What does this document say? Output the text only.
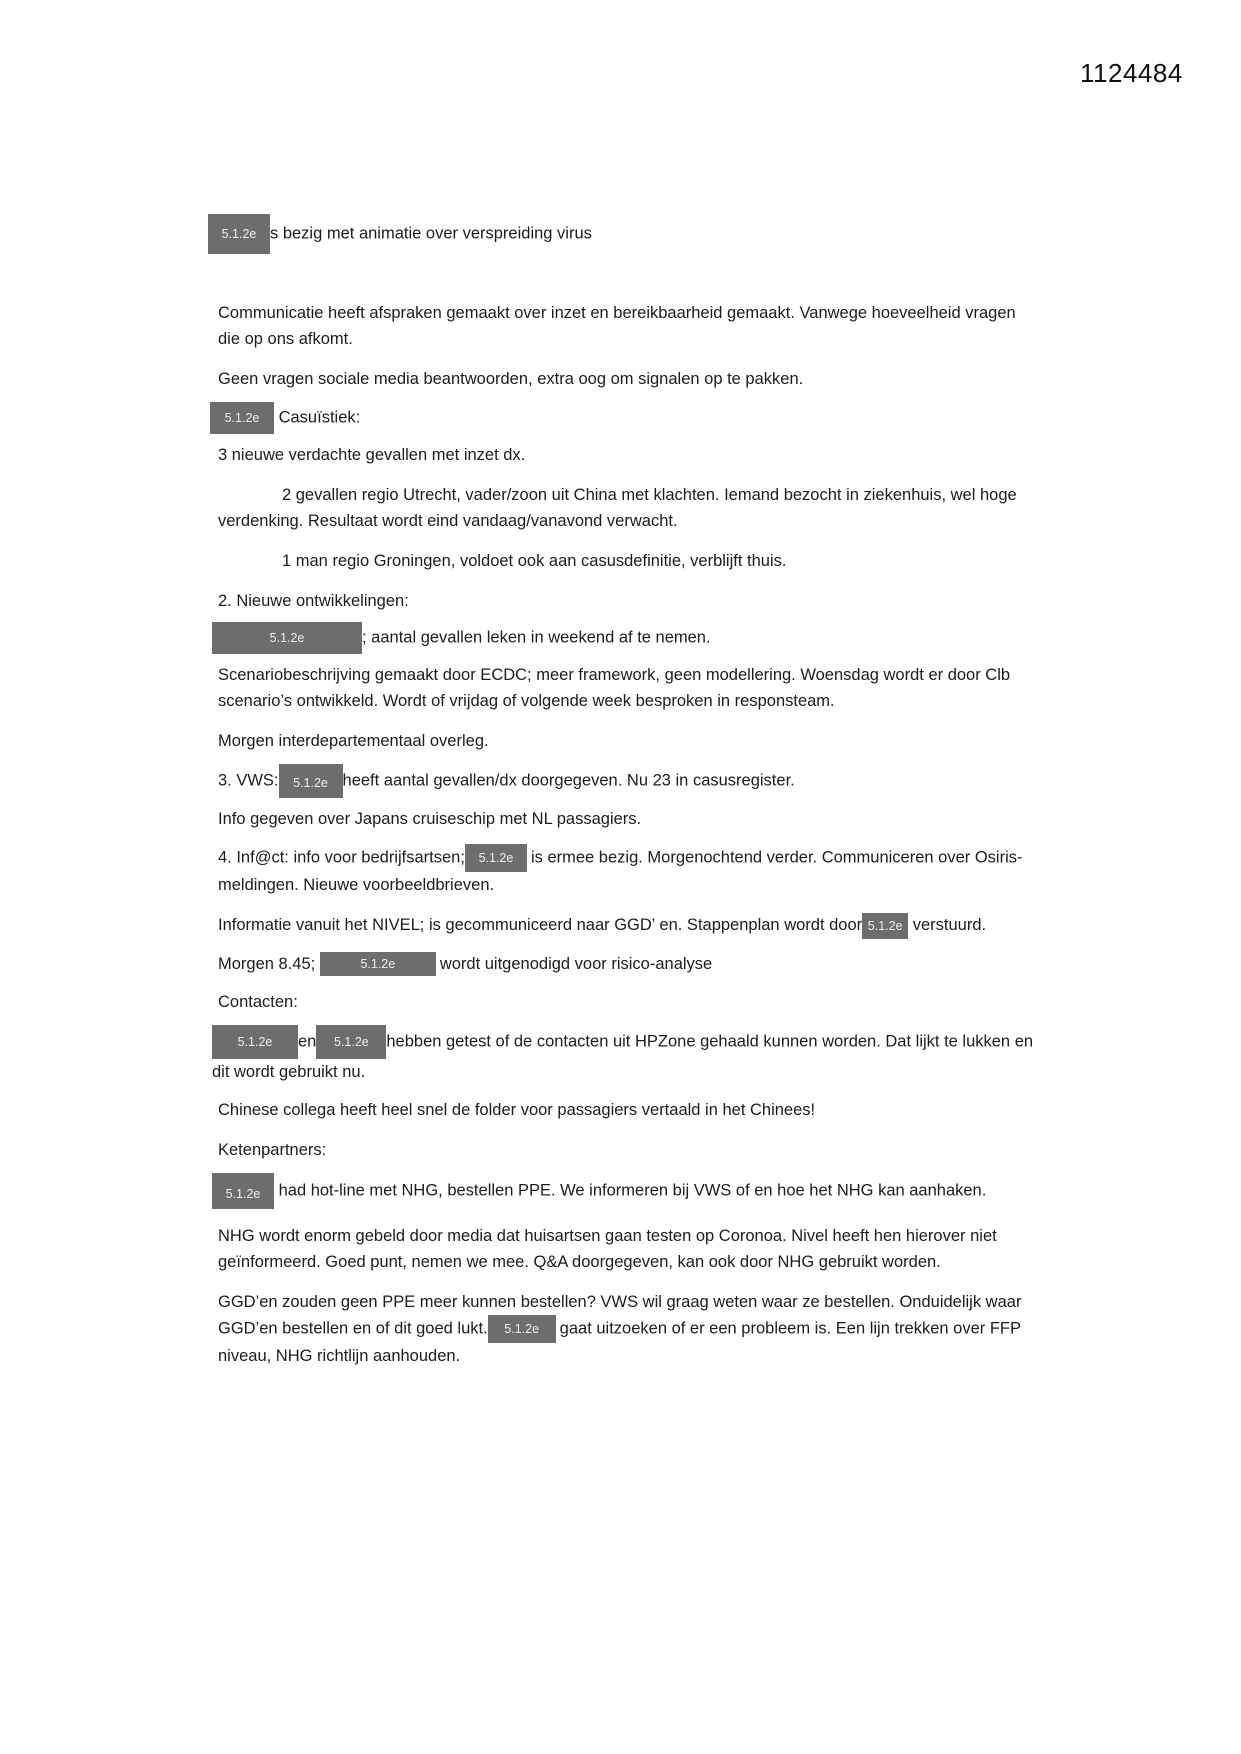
1124484

5.1.2e s bezig met animatie over verspreiding virus

Communicatie heeft afspraken gemaakt over inzet en bereikbaarheid gemaakt. Vanwege hoeveelheid vragen die op ons afkomt.

Geen vragen sociale media beantwoorden, extra oog om signalen op te pakken.

5.1.2e Casuïstiek:

3 nieuwe verdachte gevallen met inzet dx.

2 gevallen regio Utrecht, vader/zoon uit China met klachten. Iemand bezocht in ziekenhuis, wel hoge verdenking. Resultaat wordt eind vandaag/vanavond verwacht.

1 man regio Groningen, voldoet ook aan casusdefinitie, verblijft thuis.

2. Nieuwe ontwikkelingen:

5.1.2e	; aantal gevallen leken in weekend af te nemen.

Scenariobeschrijving gemaakt door ECDC; meer framework, geen modellering. Woensdag wordt er door Clb scenario’s ontwikkeld. Wordt of vrijdag of volgende week besproken in responsteam.

Morgen interdepartementaal overleg.

3. VWS: 5.1.2e heeft aantal gevallen/dx doorgegeven. Nu 23 in casusregister.

Info gegeven over Japans cruiseschip met NL passagiers.

4. Inf@ct: info voor bedrijfsartsen; 5.1.2e is ermee bezig. Morgenochtend verder. Communiceren over Osiris-meldingen. Nieuwe voorbeeldbrieven.

Informatie vanuit het NIVEL; is gecommuniceerd naar GGD’ en. Stappenplan wordt door 5.1.2e verstuurd.

Morgen 8.45;	5.1.2e	wordt uitgenodigd voor risico-analyse

Contacten:

5.1.2e en 5.1.2e hebben getest of de contacten uit HPZone gehaald kunnen worden. Dat lijkt te lukken en dit wordt gebruikt nu.

Chinese collega heeft heel snel de folder voor passagiers vertaald in het Chinees!

Ketenpartners:

5.1.2e had hot-line met NHG, bestellen PPE. We informeren bij VWS of en hoe het NHG kan aanhaken.

NHG wordt enorm gebeld door media dat huisartsen gaan testen op Coronoa. Nivel heeft hen hierover niet geïnformeerd. Goed punt, nemen we mee. Q&A doorgegeven, kan ook door NHG gebruikt worden.

GGD’en zouden geen PPE meer kunnen bestellen? VWS wil graag weten waar ze bestellen. Onduidelijk waar GGD’en bestellen en of dit goed lukt. 5.1.2e gaat uitzoeken of er een probleem is. Een lijn trekken over FFP niveau, NHG richtlijn aanhouden.
